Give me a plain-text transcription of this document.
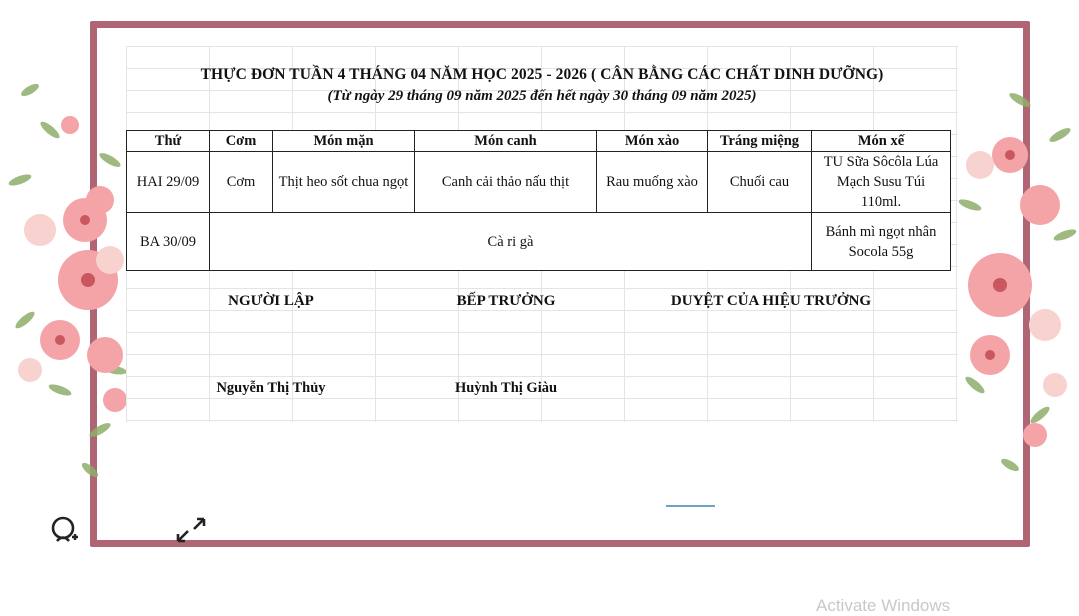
THỰC ĐƠN TUẦN 4 THÁNG 04 NĂM HỌC 2025 - 2026 ( CÂN BẰNG CÁC CHẤT DINH DƯỠNG)
(Từ ngày 29 tháng 09 năm 2025 đến hết ngày 30 tháng 09 năm 2025)
Thứ	Cơm	Món mặn	Món canh	Món xào	Tráng miệng	Món xế
HAI 29/09	Cơm	Thịt heo sốt chua ngọt	Canh cải thảo nấu thịt	Rau muống xào	Chuối cau	TU Sữa Sôcôla Lúa Mạch Susu Túi 110ml.
BA 30/09	Cà ri gà					Bánh mì ngọt nhân Socola 55g
NGƯỜI LẬP	BẾP TRƯỞNG	DUYỆT CỦA HIỆU TRƯỞNG
Nguyễn Thị Thủy	Huỳnh Thị Giàu
Activate Windows
